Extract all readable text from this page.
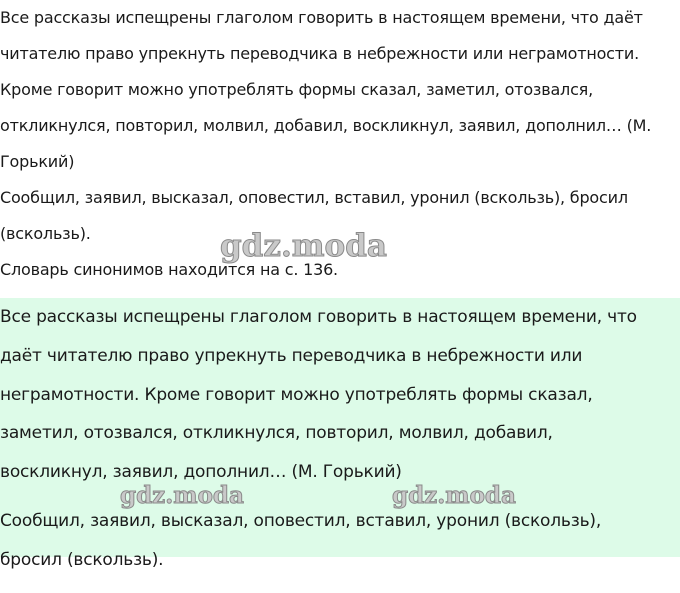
Все рассказы испещрены глаголом говорить в настоящем времени, что даёт
читателю право упрекнуть переводчика в небрежности или неграмотности.
Кроме говорит можно употреблять формы сказал, заметил, отозвался,
откликнулся, повторил, молвил, добавил, воскликнул, заявил, дополнил… (М.
Горький)

Сообщил, заявил, высказал, оповестил, вставил, уронил (вскользь), бросил
(вскользь).

Словарь синонимов находится на с. 136.

Все рассказы испещрены глаголом говорить в настоящем времени, что
даёт читателю право упрекнуть переводчика в небрежности или
неграмотности. Кроме говорит можно употреблять формы сказал,
заметил, отозвался, откликнулся, повторил, молвил, добавил,
воскликнул, заявил, дополнил… (М. Горький)

Сообщил, заявил, высказал, оповестил, вставил, уронил (вскользь),
бросил (вскользь).

gdz.moda
gdz.moda	gdz.moda
